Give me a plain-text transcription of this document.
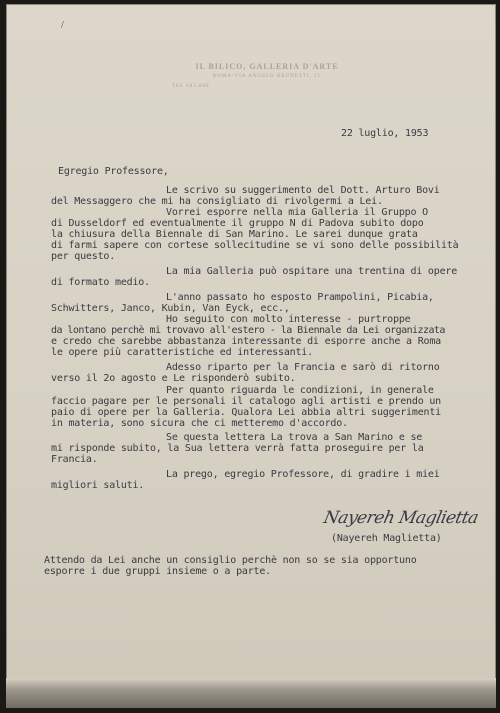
/
IL BILICO, GALLERIA D'ARTE
ROMA-VIA ANGELO BRUNETTI, 21
TEL 683.888
22 luglio, 1953
Egregio Professore,
Le scrivo su suggerimento del Dott. Arturo Bovi
del Messaggero che mi ha consigliato di rivolgermi a Lei.
Vorrei esporre nella mia Galleria il Gruppo O
di Dusseldorf ed eventualmente il gruppo N di Padova subito dopo
la chiusura della Biennale di San Marino. Le sarei dunque grata
di farmi sapere con cortese sollecitudine se vi sono delle possibilità
per questo.
La mia Galleria può ospitare una trentina di opere
di formato medio.
L'anno passato ho esposto Prampolini, Picabia,
Schwitters, Janco, Kubin, Van Eyck, ecc.,
Ho seguito con molto interesse - purtroppe
da lontano perchè mi trovavo all'estero - la Biennale da Lei organizzata
e credo che sarebbe abbastanza interessante di esporre anche a Roma
le opere più caratteristiche ed interessanti.
Adesso riparto per la Francia e sarò di ritorno
verso il 2o agosto e Le risponderò subito.
Per quanto riguarda le condizioni, in generale
faccio pagare per le personali il catalogo agli artisti e prendo un
paio di opere per la Galleria. Qualora Lei abbia altri suggerimenti
in materia, sono sicura che ci metteremo d'accordo.
Se questa lettera La trova a San Marino e se
mi risponde subito, la Sua lettera verrà fatta proseguire per la
Francia.
La prego, egregio Professore, di gradire i miei
migliori saluti.
Nayereh Maglietta
(Nayereh Maglietta)
Attendo da Lei anche un consiglio perchè non so se sia opportuno
esporre i due gruppi insieme o a parte.
